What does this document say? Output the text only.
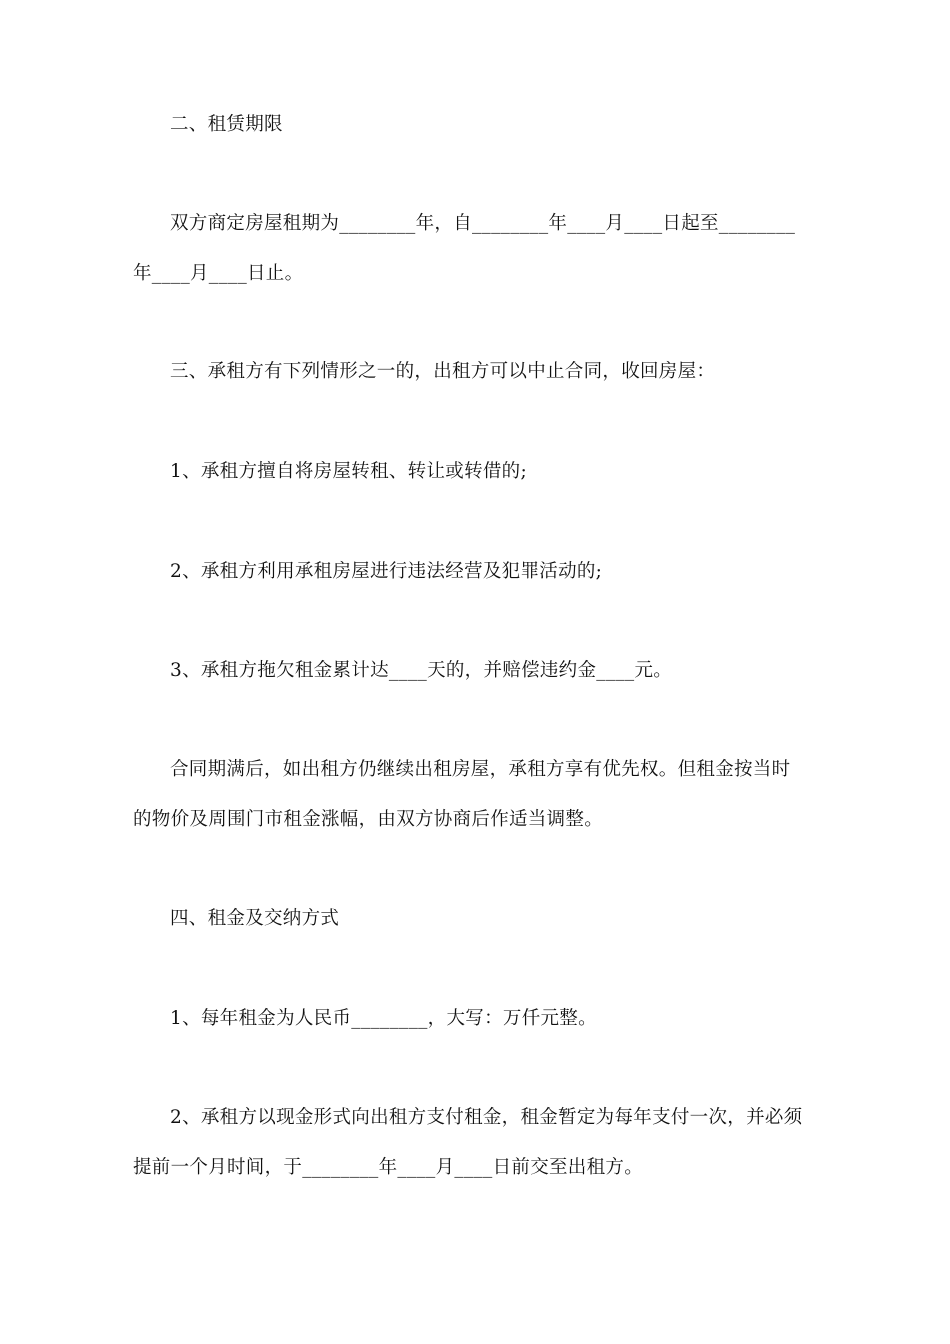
二、租赁期限
双方商定房屋租期为________年，自________年____月____日起至________
年____月____日止。
三、承租方有下列情形之一的，出租方可以中止合同，收回房屋：
1、承租方擅自将房屋转租、转让或转借的;
2、承租方利用承租房屋进行违法经营及犯罪活动的;
3、承租方拖欠租金累计达____天的，并赔偿违约金____元。
合同期满后，如出租方仍继续出租房屋，承租方享有优先权。但租金按当时
的物价及周围门市租金涨幅，由双方协商后作适当调整。
四、租金及交纳方式
1、每年租金为人民币________，大写：万仟元整。
2、承租方以现金形式向出租方支付租金，租金暂定为每年支付一次，并必须
提前一个月时间，于________年____月____日前交至出租方。
